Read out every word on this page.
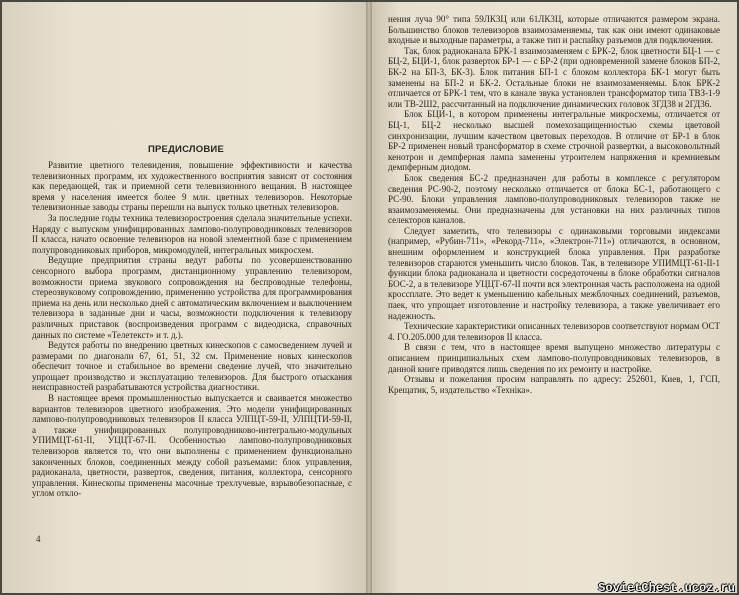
ПРЕДИСЛОВИЕ

Развитие цветного телевидения, повышение эффективности и качества телевизионных программ, их художественного восприятия зависят от состояния как передающей, так и приемной сети телевизионного вещания. В настоящее время у населения имеется более 9 млн. цветных телевизоров. Некоторые телевизионные заводы страны перешли на выпуск только цветных телевизоров.

За последние годы техника телевизоростроения сделала значительные успехи. Наряду с выпуском унифицированных лампово-полупроводниковых телевизоров II класса, начато освоение телевизоров на новой элементной базе с применением полупроводниковых приборов, микромодулей, интегральных микросхем.

Ведущие предприятия страны ведут работы по усовершенствованию сенсорного выбора программ, дистанционному управлению телевизором, возможности приема звукового сопровождения на беспроводные телефоны, стереозвуковому сопровождению, применению устройства для программирования приема на день или несколько дней с автоматическим включением и выключением телевизора в заданные дни и часы, возможности подключения к телевизору различных приставок (воспроизведения программ с видеодиска, справочных данных по системе «Телетекст» и т. д.).

Ведутся работы по внедрению цветных кинескопов с самосведением лучей и размерами по диагонали 67, 61, 51, 32 см. Применение новых кинескопов обеспечит точное и стабильное во времени сведение лучей, что значительно упрощает производство и эксплуатацию телевизоров. Для быстрого отыскания неисправностей разрабатываются устройства диагностики.

В настоящее время промышленностью выпускается и сваивается множество вариантов телевизоров цветного изображения. Это модели унифицированных лампово-полупроводниковых телевизоров II класса УЛПЦТ-59-II, УЛПЦТИ-59-II, а также унифицированных полупроводниково-интегрально-модульных УПИМЦТ-61-II, УЦЦТ-67-II. Особенностью лампово-полупроводниковых телевизоров является то, что они выполнены с применением функционально законченных блоков, соединенных между собой разъемами: блок управления, радиоканала, цветности, разверток, сведения, питания, коллектора, сенсорного управления. Кинескопы применены масочные трехлучевые, взрывобезопасные, с углом откло-

4

нения луча 90° типа 59ЛК3Ц или 61ЛК3Ц, которые отличаются размером экрана. Большинство блоков телевизоров взаимозаменяемы, так как они имеют одинаковые входные и выходные параметры, а также тип и распайку разъемов для подключения.

Так, блок радиоканала БРК-1 взаимозаменяем с БРК-2, блок цветности БЦ-1 — с БЦ-2, БЦИ-1, блок разверток БР-1 — с БР-2 (при одновременной замене блоков БП-2, БК-2 на БП-3, БК-3). Блок питания БП-1 с блоком коллектора БК-1 могут быть заменены на БП-2 и БК-2. Остальные блоки не взаимозаменяемы. Блок БРК-2 отличается от БРК-1 тем, что в канале звука установлен трансформатор типа ТВЗ-1-9 или ТВ-2Ш2, рассчитанный на подключение динамических головок 3ГД38 и 2ГД36.

Блок БЦИ-1, в котором применены интегральные микросхемы, отличается от БЦ-1, БЦ-2 несколько высшей помехозащищенностью схемы цветовой синхронизации, лучшим качеством цветовых переходов. В отличие от БР-1 в блок БР-2 применен новый трансформатор в схеме строчной развертки, а высоковольтный кенотрон и демпферная лампа заменены утроителем напряжения и кремниевым демпферным диодом.

Блок сведения БС-2 предназначен для работы в комплексе с регулятором сведения РС-90-2, поэтому несколько отличается от блока БС-1, работающего с РС-90. Блоки управления лампово-полупроводниковых телевизоров также не взаимозаменяемы. Они предназначены для установки на них различных типов селекторов каналов.

Следует заметить, что телевизоры с одинаковыми торговыми индексами (например, «Рубин-711», «Рекорд-711», «Электрон-711») отличаются, в основном, внешним оформлением и конструкцией блока управления. При разработке телевизоров стараются уменьшить число блоков. Так, в телевизоре УПИМЦТ-61-II-1 функции блока радиоканала и цветности сосредоточены в блоке обработки сигналов БОС-2, а в телевизоре УЦЦТ-67-II почти вся электронная часть расположена на одной кроссплате. Это ведет к уменьшению кабельных межблочных соединений, разъемов, паек, что упрощает изготовление и настройку телевизора, а также увеличивает его надежность.

Технические характеристики описанных телевизоров соответствуют нормам ОСТ 4. ГО.205.000 для телевизоров II класса.

В связи с тем, что в настоящее время выпущено множество литературы с описанием принципиальных схем лампово-полупроводниковых телевизоров, в данной книге приводятся лишь сведения по их ремонту и настройке.

Отзывы и пожелания просим направлять по адресу: 252601, Киев, 1, ГСП, Крещатик, 5, издательство «Техніка».

SovietChest.ucoz.ru
